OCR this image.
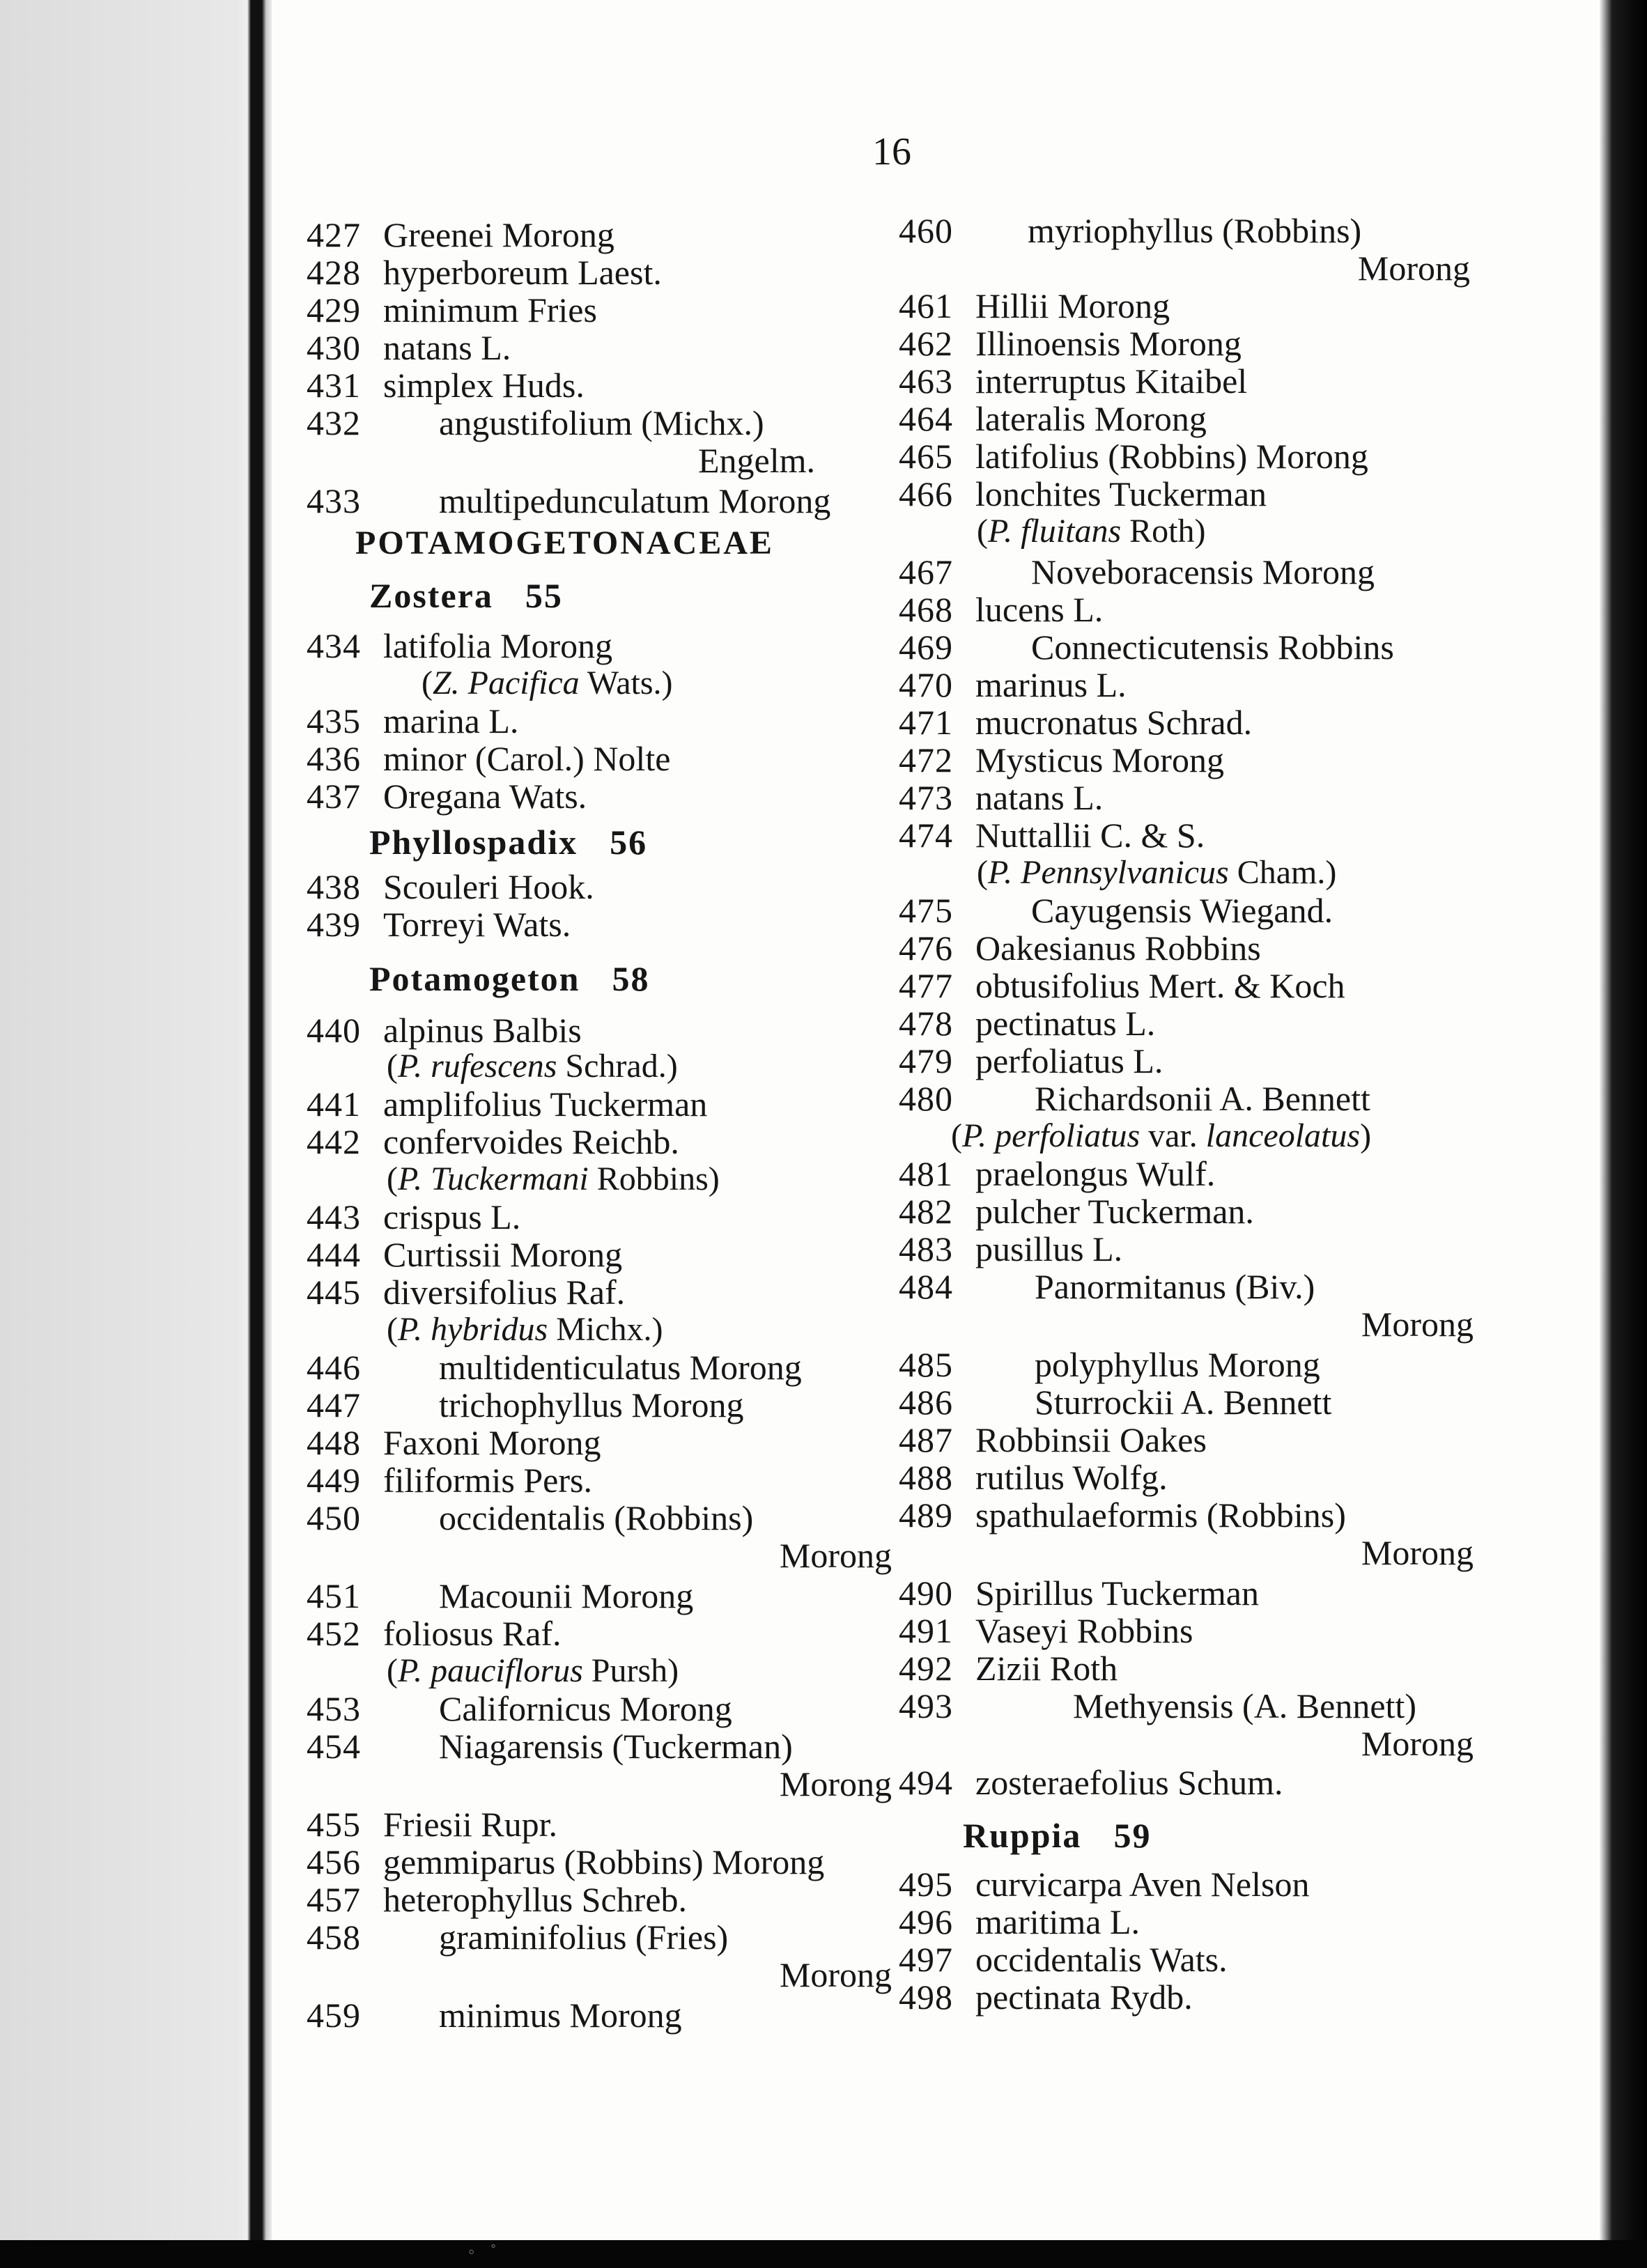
◦ ˚
16
427 Greenei Morong
428 hyperboreum Laest.
429 minimum Fries
430 natans L.
431 simplex Huds.
432	angustifolium (Michx.)
Engelm.
433	multipedunculatum Morong
POTAMOGETONACEAE
Zostera 55
434 latifolia Morong
(Z. Pacifica Wats.)
435 marina L.
436 minor (Carol.) Nolte
437 Oregana Wats.
Phyllospadix 56
438 Scouleri Hook.
439 Torreyi Wats.
Potamogeton 58
440 alpinus Balbis
(P. rufescens Schrad.)
441 amplifolius Tuckerman
442 confervoides Reichb.
(P. Tuckermani Robbins)
443 crispus L.
444 Curtissii Morong
445 diversifolius Raf.
(P. hybridus Michx.)
446	multidenticulatus Morong
447	trichophyllus Morong
448 Faxoni Morong
449 filiformis Pers.
450	occidentalis (Robbins)
Morong
451	Macounii Morong
452 foliosus Raf.
(P. pauciflorus Pursh)
453	Californicus Morong
454	Niagarensis (Tuckerman)
Morong
455 Friesii Rupr.
456 gemmiparus (Robbins) Morong
457 heterophyllus Schreb.
458	graminifolius (Fries)
Morong
459	minimus Morong
460	myriophyllus (Robbins)
Morong
461 Hillii Morong
462 Illinoensis Morong
463 interruptus Kitaibel
464 lateralis Morong
465 latifolius (Robbins) Morong
466 lonchites Tuckerman
(P. fluitans Roth)
467	Noveboracensis Morong
468 lucens L.
469	Connecticutensis Robbins
470 marinus L.
471 mucronatus Schrad.
472 Mysticus Morong
473 natans L.
474 Nuttallii C. & S.
(P. Pennsylvanicus Cham.)
475	Cayugensis Wiegand.
476 Oakesianus Robbins
477 obtusifolius Mert. & Koch
478 pectinatus L.
479 perfoliatus L.
480	Richardsonii A. Bennett
(P. perfoliatus var. lanceolatus)
481 praelongus Wulf.
482 pulcher Tuckerman.
483 pusillus L.
484	Panormitanus (Biv.)
Morong
485	polyphyllus Morong
486	Sturrockii A. Bennett
487 Robbinsii Oakes
488 rutilus Wolfg.
489 spathulaeformis (Robbins)
Morong
490 Spirillus Tuckerman
491 Vaseyi Robbins
492 Zizii Roth
493	Methyensis (A. Bennett)
Morong
494 zosteraefolius Schum.
Ruppia 59
495 curvicarpa Aven Nelson
496 maritima L.
497 occidentalis Wats.
498 pectinata Rydb.
